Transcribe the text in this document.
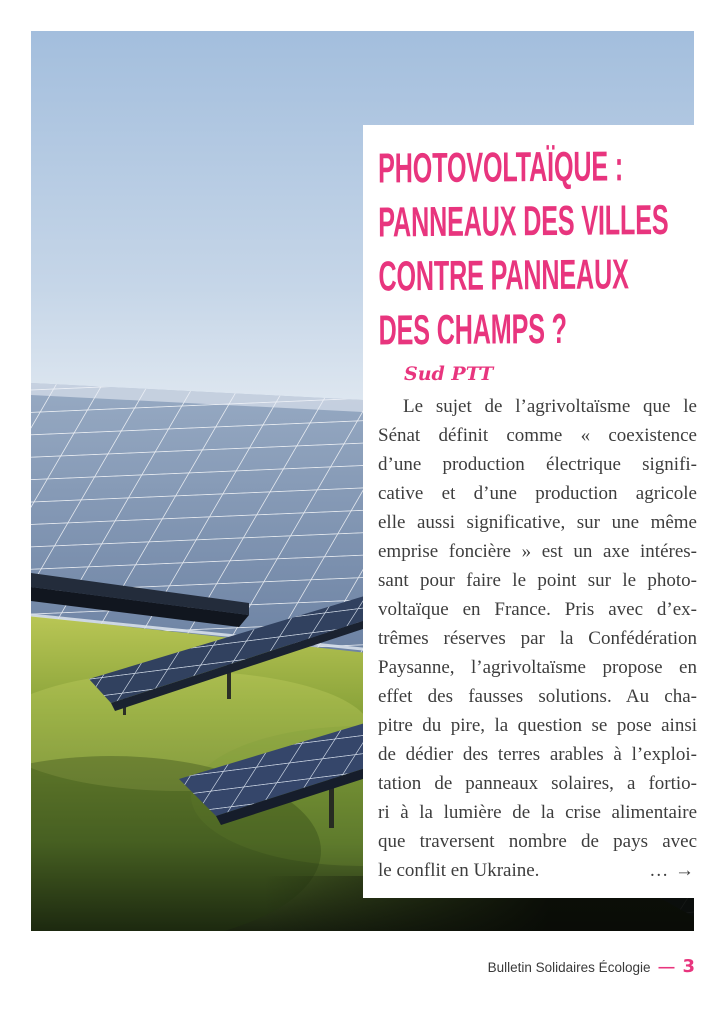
PHOTOVOLTAÏQUE :
PANNEAUX DES VILLES
CONTRE PANNEAUX
DES CHAMPS ?
Sud PTT
Le sujet de l’agrivoltaïsme que le
Sénat définit comme « coexistence
d’une production électrique signifi-
cative et d’une production agricole
elle aussi significative, sur une même
emprise foncière » est un axe intéres-
sant pour faire le point sur le photo-
voltaïque en France. Pris avec d’ex-
trêmes réserves par la Confédération
Paysanne, l’agrivoltaïsme propose en
effet des fausses solutions. Au cha-
pitre du pire, la question se pose ainsi
de dédier des terres arables à l’exploi-
tation de panneaux solaires, a fortio-
ri à la lumière de la crise alimentaire
que traversent nombre de pays avec
le conflit en Ukraine.	… →
Bulletin Solidaires Écologie — 3
